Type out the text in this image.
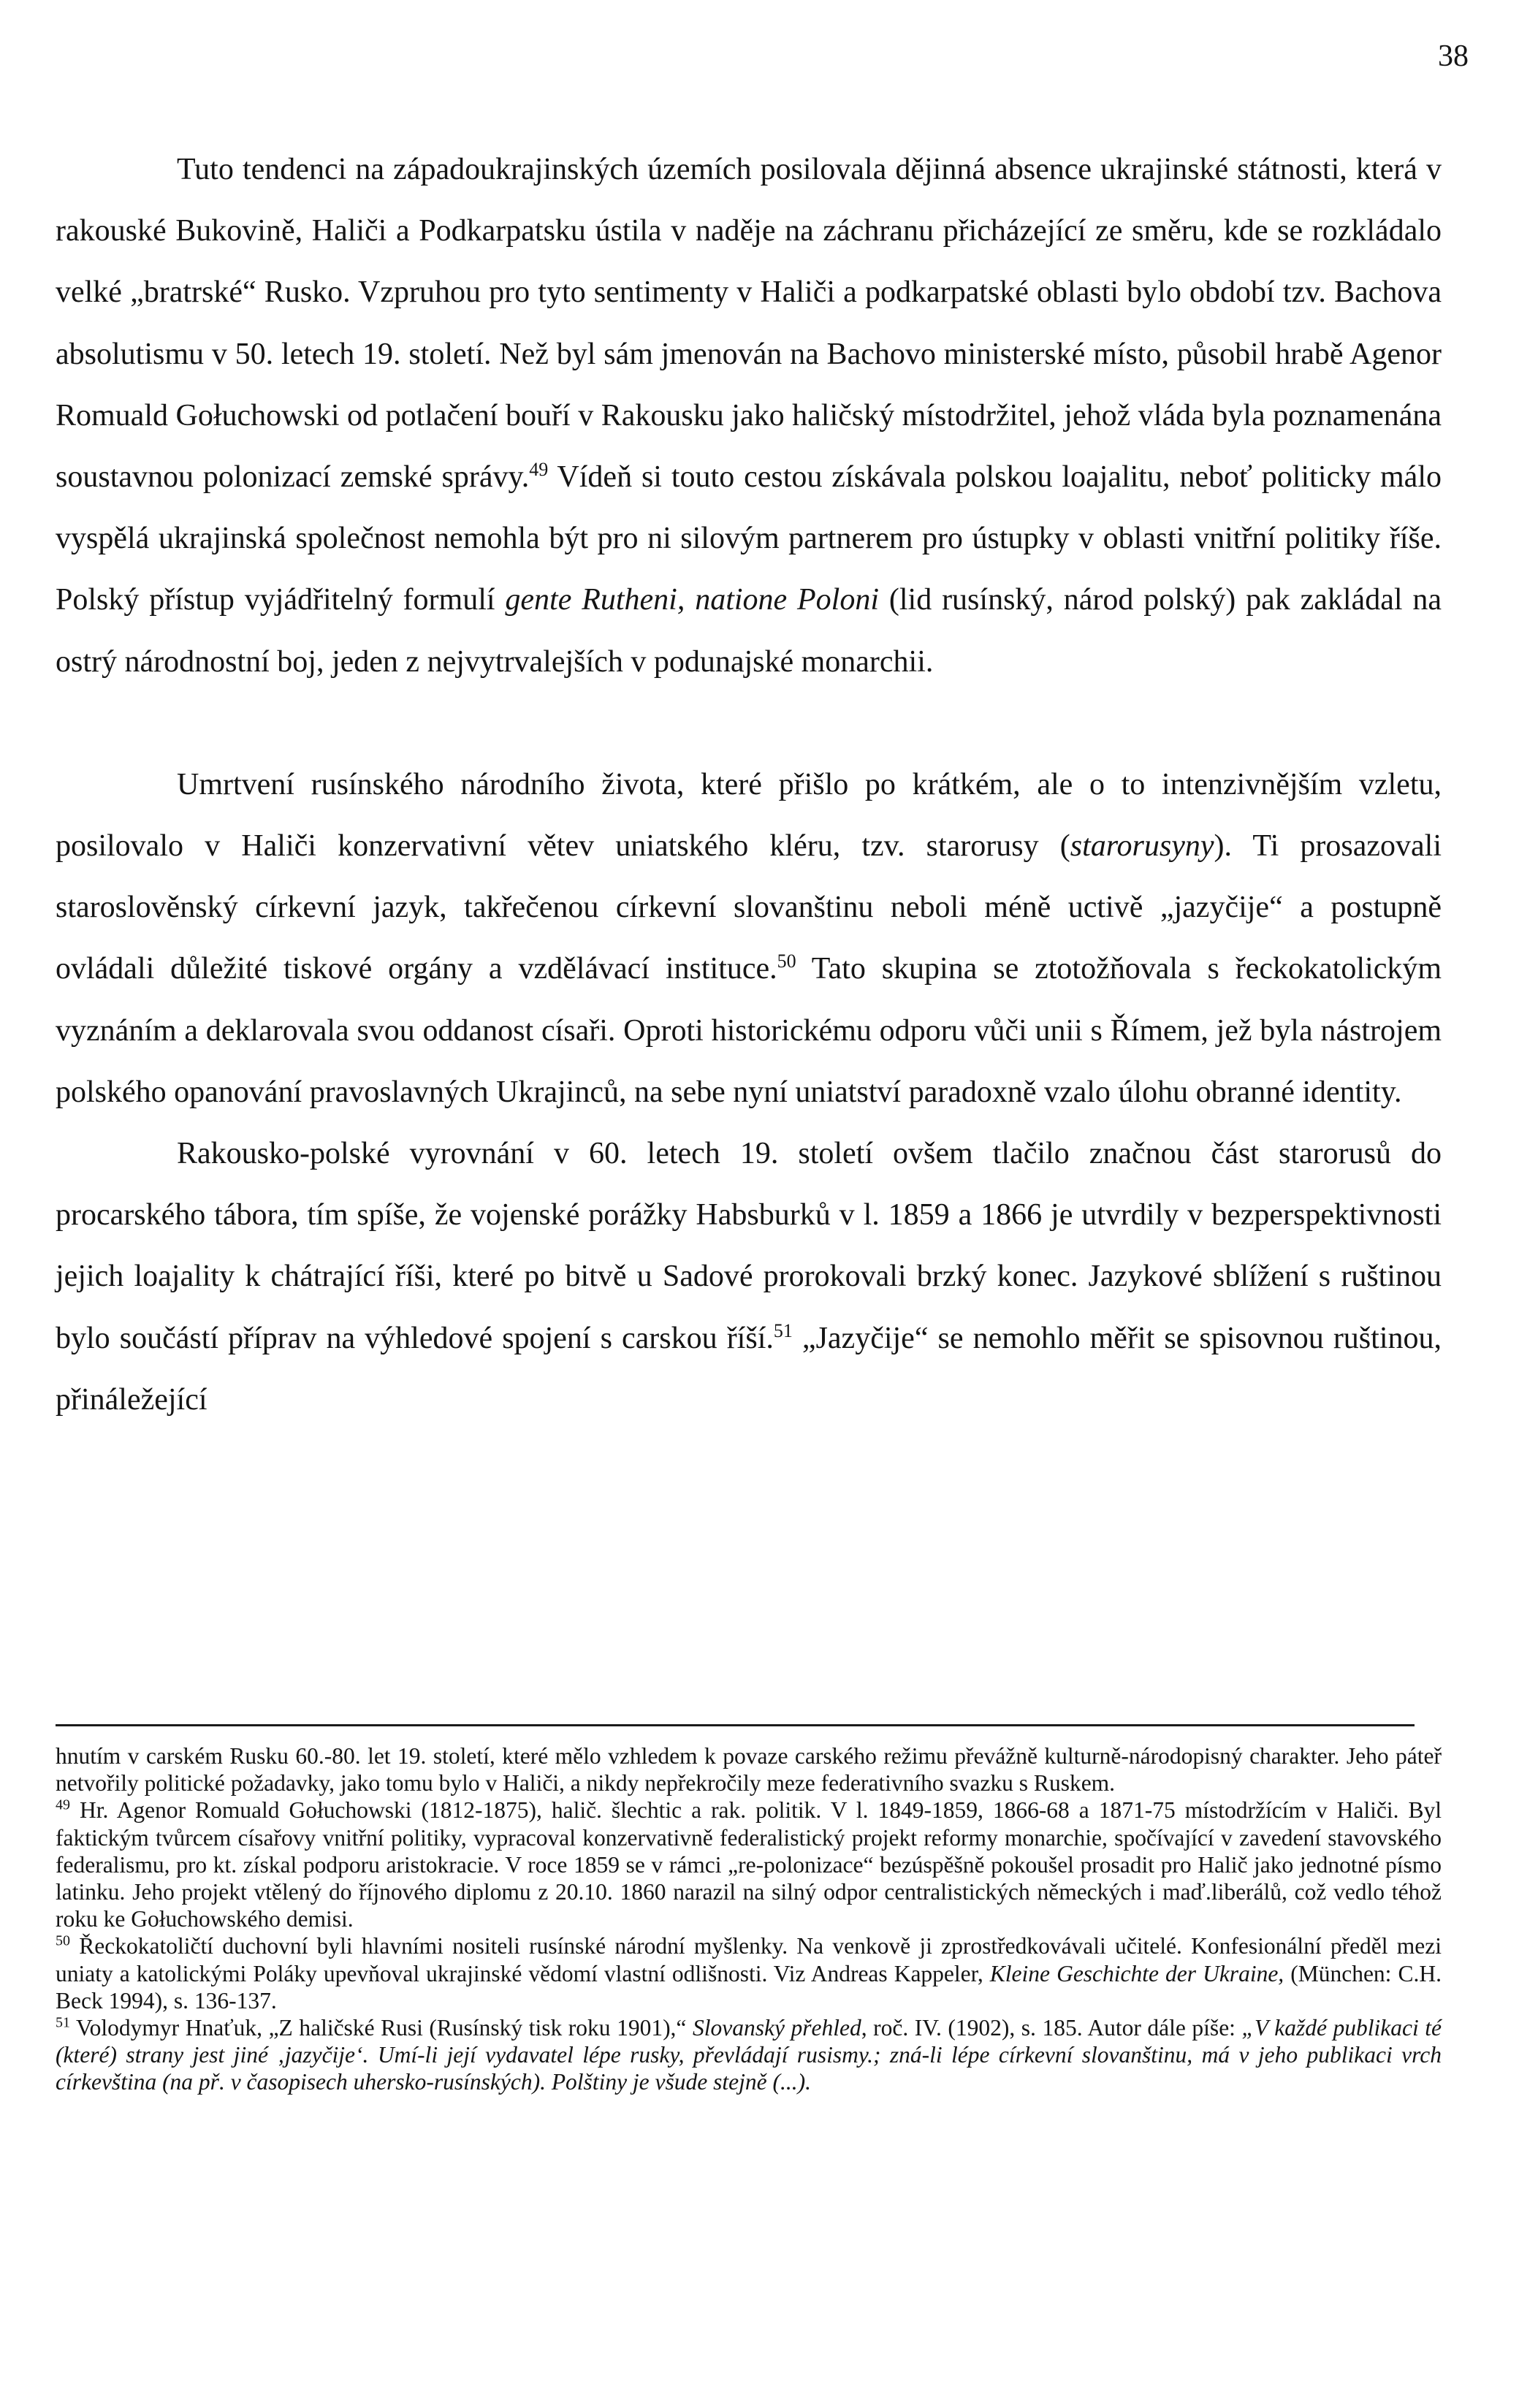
38

Tuto tendenci na západoukrajinských územích posilovala dějinná absence ukrajinské státnosti, která v rakouské Bukovině, Haliči a Podkarpatsku ústila v naděje na záchranu přicházející ze směru, kde se rozkládalo velké „bratrské“ Rusko. Vzpruhou pro tyto sentimenty v Haliči a podkarpatské oblasti bylo období tzv. Bachova absolutismu v 50. letech 19. století. Než byl sám jmenován na Bachovo ministerské místo, působil hrabě Agenor Romuald Gołuchowski od potlačení bouří v Rakousku jako haličský místodržitel, jehož vláda byla poznamenána soustavnou polonizací zemské správy.$^{49}$ Vídeň si touto cestou získávala polskou loajalitu, neboť politicky málo vyspělá ukrajinská společnost nemohla být pro ni silovým partnerem pro ústupky v oblasti vnitřní politiky říše. Polský přístup vyjádřitelný formulí gente Rutheni, natione Poloni (lid rusínský, národ polský) pak zakládal na ostrý národnostní boj, jeden z nejvytrvalejších v podunajské monarchii.

Umrtvení rusínského národního života, které přišlo po krátkém, ale o to intenzivnějším vzletu, posilovalo v Haliči konzervativní větev uniatského kléru, tzv. starorusy (starorusyny). Ti prosazovali staroslověnský církevní jazyk, takřečenou církevní slovanštinu neboli méně uctivě „jazyčije“ a postupně ovládali důležité tiskové orgány a vzdělávací instituce.$^{50}$ Tato skupina se ztotožňovala s řeckokatolickým vyznáním a deklarovala svou oddanost císaři. Oproti historickému odporu vůči unii s Římem, jež byla nástrojem polského opanování pravoslavných Ukrajinců, na sebe nyní uniatství paradoxně vzalo úlohu obranné identity.

Rakousko-polské vyrovnání v 60. letech 19. století ovšem tlačilo značnou část starorusů do procarského tábora, tím spíše, že vojenské porážky Habsburků v l. 1859 a 1866 je utvrdily v bezperspektivnosti jejich loajality k chátrající říši, které po bitvě u Sadové prorokovali brzký konec. Jazykové sblížení s ruštinou bylo součástí příprav na výhledové spojení s carskou říší.$^{51}$ „Jazyčije“ se nemohlo měřit se spisovnou ruštinou, přináležející

hnutím v carském Rusku 60.-80. let 19. století, které mělo vzhledem k povaze carského režimu převážně kulturně-národopisný charakter. Jeho páteř netvořily politické požadavky, jako tomu bylo v Haliči, a nikdy nepřekročily meze federativního svazku s Ruskem.

$^{49}$ Hr. Agenor Romuald Gołuchowski (1812-1875), halič. šlechtic a rak. politik. V l. 1849-1859, 1866-68 a 1871-75 místodržícím v Haliči. Byl faktickým tvůrcem císařovy vnitřní politiky, vypracoval konzervativně federalistický projekt reformy monarchie, spočívající v zavedení stavovského federalismu, pro kt. získal podporu aristokracie. V roce 1859 se v rámci „re-polonizace“ bezúspěšně pokoušel prosadit pro Halič jako jednotné písmo latinku. Jeho projekt vtělený do říjnového diplomu z 20.10. 1860 narazil na silný odpor centralistických německých i maď.liberálů, což vedlo téhož roku ke Gołuchowského demisi.

$^{50}$ Řeckokatoličtí duchovní byli hlavními nositeli rusínské národní myšlenky. Na venkově ji zprostředkovávali učitelé. Konfesionální předěl mezi uniaty a katolickými Poláky upevňoval ukrajinské vědomí vlastní odlišnosti. Viz Andreas Kappeler, Kleine Geschichte der Ukraine, (München: C.H. Beck 1994), s. 136-137.

$^{51}$ Volodymyr Hnaťuk, „Z haličské Rusi (Rusínský tisk roku 1901),“ Slovanský přehled, roč. IV. (1902), s. 185. Autor dále píše: „V každé publikaci té (které) strany jest jiné ‚jazyčije‘. Umí-li její vydavatel lépe rusky, převládají rusismy.; zná-li lépe církevní slovanštinu, má v jeho publikaci vrch církevština (na př. v časopisech uhersko-rusínských). Polštiny je všude stejně (...).
